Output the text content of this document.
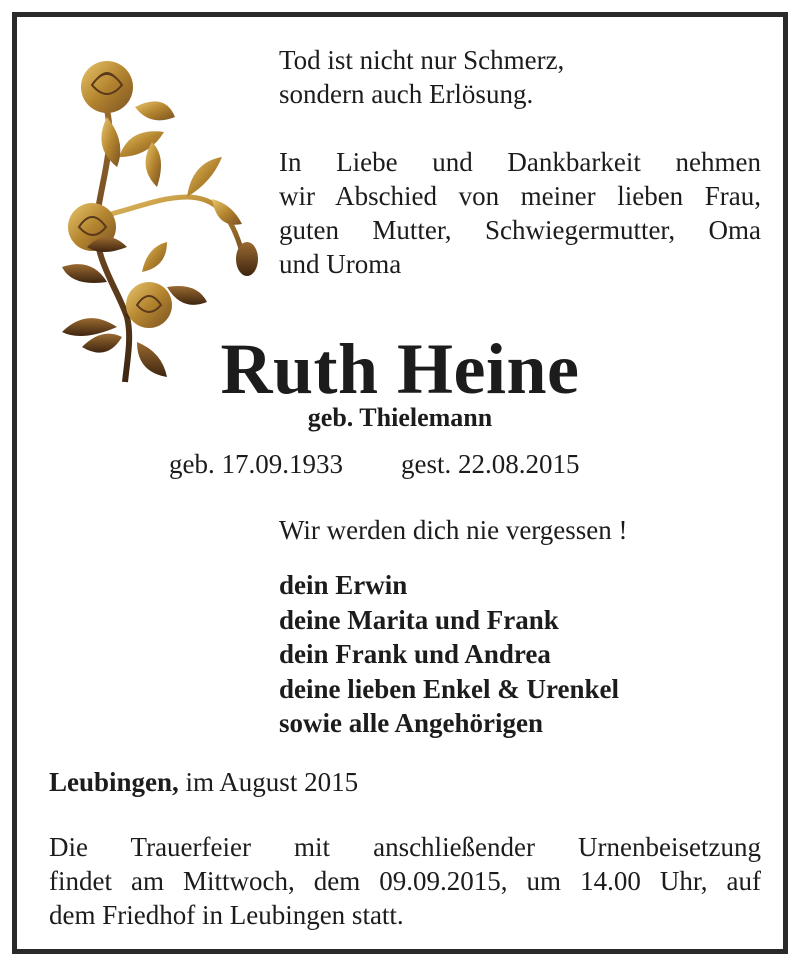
Tod ist nicht nur Schmerz,
sondern auch Erlösung.
In Liebe und Dankbarkeit nehmen
wir Abschied von meiner lieben Frau,
guten Mutter, Schwiegermutter, Oma
und Uroma
Ruth Heine
geb. Thielemann
geb. 17.09.1933 gest. 22.08.2015
Wir werden dich nie vergessen !
dein Erwin
deine Marita und Frank
dein Frank und Andrea
deine lieben Enkel & Urenkel
sowie alle Angehörigen
Leubingen, im August 2015
Die Trauerfeier mit anschließender Urnenbeisetzung
findet am Mittwoch, dem 09.09.2015, um 14.00 Uhr, auf
dem Friedhof in Leubingen statt.
